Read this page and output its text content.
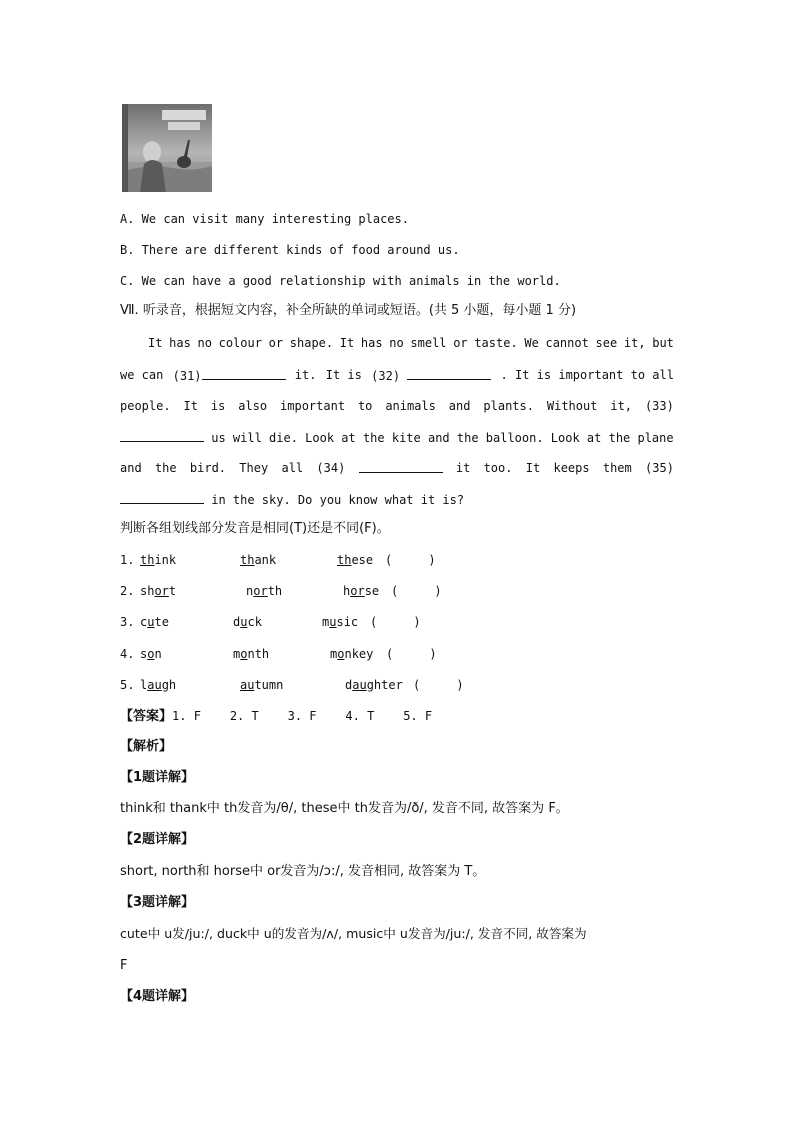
A. We can visit many interesting places.
B. There are different kinds of food around us.
C. We can have a good relationship with animals in the world.
Ⅶ. 听录音，根据短文内容，补全所缺的单词或短语。(共 5 小题，每小题 1 分)
It has no colour or shape. It has no smell or taste. We cannot see it, but
we can (31)	it. It is (32)	. It is important to all
people. It is also important to animals and plants. Without it, (33)
us will die. Look at the kite and the balloon. Look at the plane
and the bird. They all (34)	it too. It keeps them (35)
in the sky. Do you know what it is?
判断各组划线部分发音是相同(T)还是不同(F)。
1. think	thank	these (     )
2. short	north	horse (     )
3. cute	duck	music (     )
4. son	month	monkey (     )
5. laugh	autumn	daughter (     )
【答案】1. F    2. T    3. F    4. T    5. F
【解析】
【1题详解】
think和 thank中 th发音为/θ/, these中 th发音为/ð/, 发音不同, 故答案为 F。
【2题详解】
short, north和 horse中 or发音为/ɔ:/, 发音相同, 故答案为 T。
【3题详解】
cute中 u发/ju:/, duck中 u的发音为/ʌ/, music中 u发音为/ju:/, 发音不同, 故答案为
F
【4题详解】
